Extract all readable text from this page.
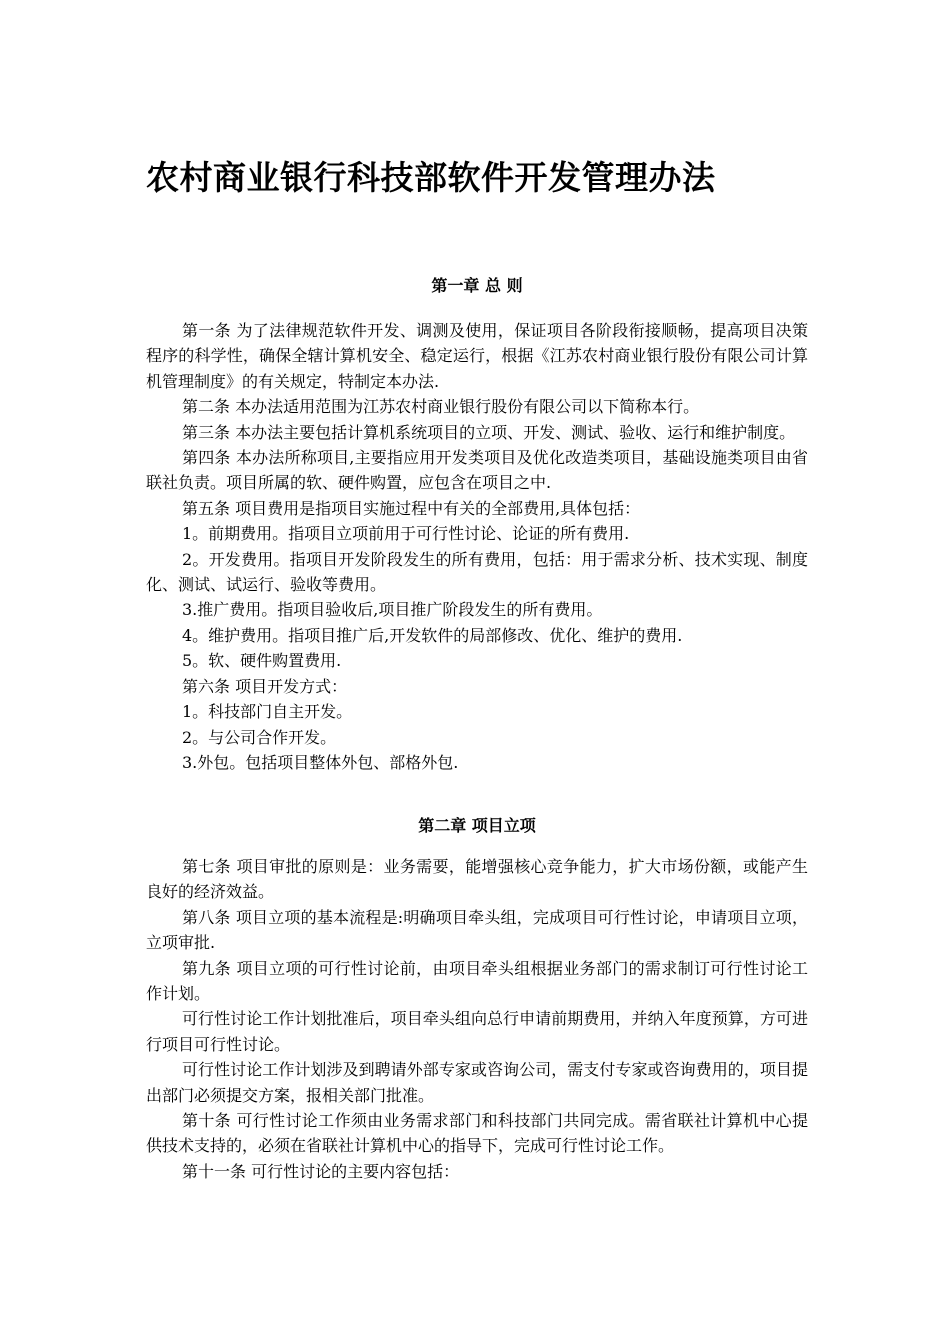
农村商业银行科技部软件开发管理办法
第一章 总 则

第一条 为了法律规范软件开发、调测及使用，保证项目各阶段衔接顺畅，提高项目决策程序的科学性，确保全辖计算机安全、稳定运行，根据《江苏农村商业银行股份有限公司计算机管理制度》的有关规定，特制定本办法.

第二条 本办法适用范围为江苏农村商业银行股份有限公司以下简称本行。

第三条 本办法主要包括计算机系统项目的立项、开发、测试、验收、运行和维护制度。

第四条 本办法所称项目,主要指应用开发类项目及优化改造类项目，基础设施类项目由省联社负责。项目所属的软、硬件购置，应包含在项目之中.

第五条 项目费用是指项目实施过程中有关的全部费用,具体包括：

1。前期费用。指项目立项前用于可行性讨论、论证的所有费用.

2。开发费用。指项目开发阶段发生的所有费用，包括：用于需求分析、技术实现、制度化、测试、试运行、验收等费用。

3.推广费用。指项目验收后,项目推广阶段发生的所有费用。

4。维护费用。指项目推广后,开发软件的局部修改、优化、维护的费用.

5。软、硬件购置费用.

第六条 项目开发方式：

1。科技部门自主开发。

2。与公司合作开发。

3.外包。包括项目整体外包、部格外包.

第二章 项目立项

第七条 项目审批的原则是：业务需要，能增强核心竞争能力，扩大市场份额，或能产生良好的经济效益。

第八条 项目立项的基本流程是:明确项目牵头组，完成项目可行性讨论，申请项目立项，立项审批.

第九条 项目立项的可行性讨论前，由项目牵头组根据业务部门的需求制订可行性讨论工作计划。

可行性讨论工作计划批准后，项目牵头组向总行申请前期费用，并纳入年度预算，方可进行项目可行性讨论。

可行性讨论工作计划涉及到聘请外部专家或咨询公司，需支付专家或咨询费用的，项目提出部门必须提交方案，报相关部门批准。

第十条 可行性讨论工作须由业务需求部门和科技部门共同完成。需省联社计算机中心提供技术支持的，必须在省联社计算机中心的指导下，完成可行性讨论工作。

第十一条 可行性讨论的主要内容包括：
